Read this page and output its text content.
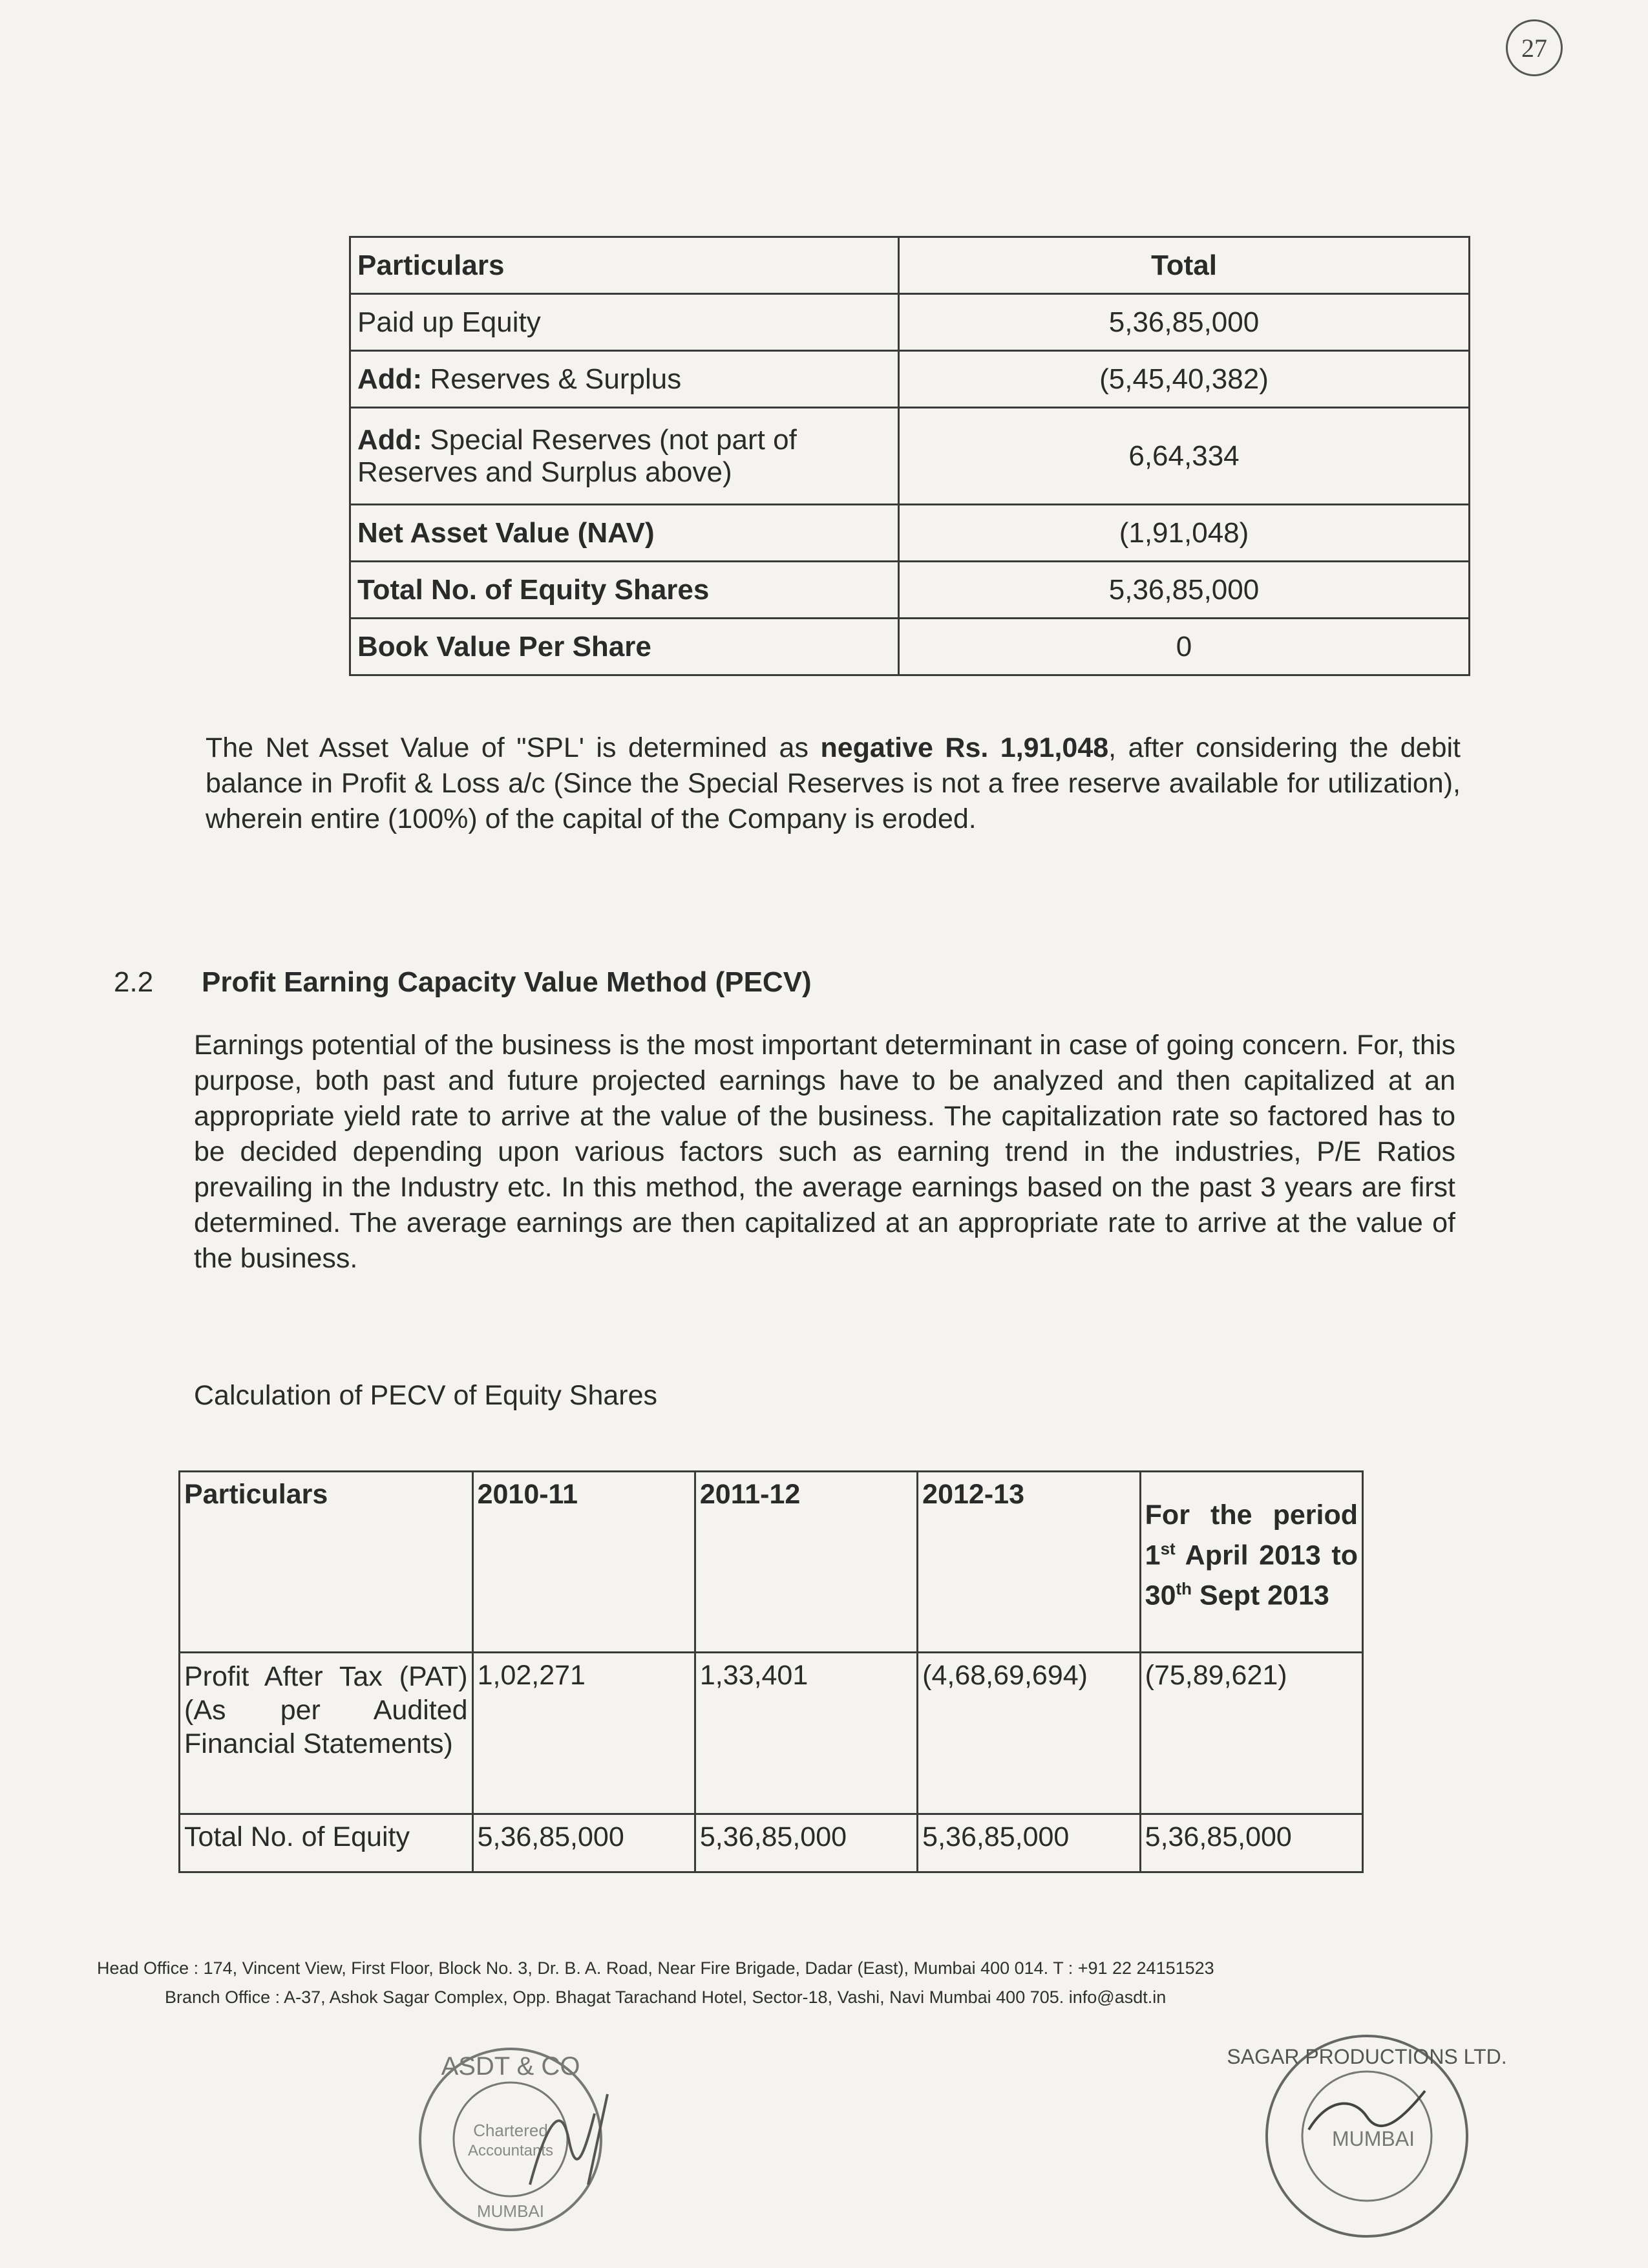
27
Particulars	Total
Paid up Equity	5,36,85,000
Add: Reserves & Surplus	(5,45,40,382)
Add: Special Reserves (not part of Reserves and Surplus above)	6,64,334
Net Asset Value (NAV)	(1,91,048)
Total No. of Equity Shares	5,36,85,000
Book Value Per Share	0
The Net Asset Value of "SPL' is determined as negative Rs. 1,91,048, after considering the debit balance in Profit & Loss a/c (Since the Special Reserves is not a free reserve available for utilization), wherein entire (100%) of the capital of the Company is eroded.
2.2 Profit Earning Capacity Value Method (PECV)
Earnings potential of the business is the most important determinant in case of going concern. For, this purpose, both past and future projected earnings have to be analyzed and then capitalized at an appropriate yield rate to arrive at the value of the business. The capitalization rate so factored has to be decided depending upon various factors such as earning trend in the industries, P/E Ratios prevailing in the Industry etc. In this method, the average earnings based on the past 3 years are first determined. The average earnings are then capitalized at an appropriate rate to arrive at the value of the business.
Calculation of PECV of Equity Shares
Particulars	2010-11	2011-12	2012-13	For the period 1st April 2013 to 30th Sept 2013
Profit After Tax (PAT) (As per Audited Financial Statements)	1,02,271	1,33,401	(4,68,69,694)	(75,89,621)
Total No. of Equity	5,36,85,000	5,36,85,000	5,36,85,000	5,36,85,000
Head Office : 174, Vincent View, First Floor, Block No. 3, Dr. B. A. Road, Near Fire Brigade, Dadar (East), Mumbai 400 014. T : +91 22 24151523
Branch Office : A-37, Ashok Sagar Complex, Opp. Bhagat Tarachand Hotel, Sector-18, Vashi, Navi Mumbai 400 705. info@asdt.in
ASDT & CO
Chartered
Accountants
MUMBAI
SAGAR PRODUCTIONS LTD.
MUMBAI
